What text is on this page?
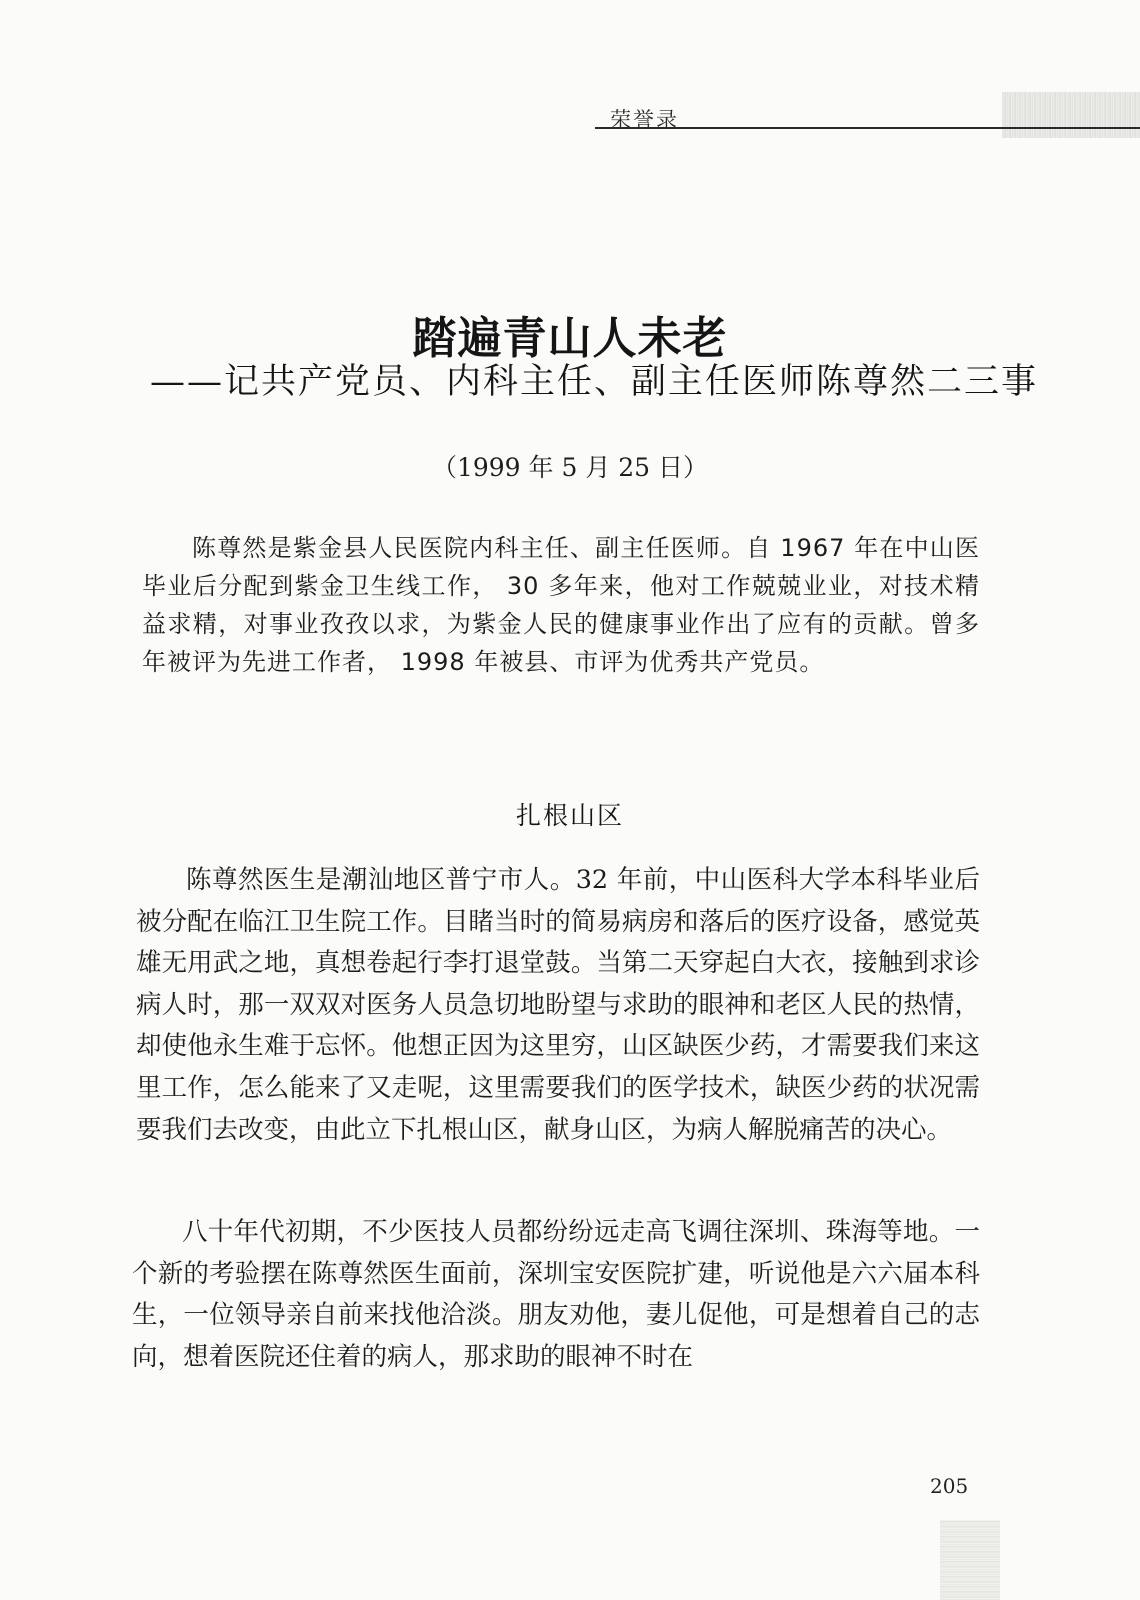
荣誉录
踏遍青山人未老
——记共产党员、内科主任、副主任医师陈尊然二三事
（1999 年 5 月 25 日）

陈尊然是紫金县人民医院内科主任、副主任医师。自 1967 年在中山医毕业后分配到紫金卫生线工作， 30 多年来，他对工作兢兢业业，对技术精益求精，对事业孜孜以求，为紫金人民的健康事业作出了应有的贡献。曾多年被评为先进工作者， 1998 年被县、市评为优秀共产党员。

扎根山区

陈尊然医生是潮汕地区普宁市人。32 年前，中山医科大学本科毕业后被分配在临江卫生院工作。目睹当时的简易病房和落后的医疗设备，感觉英雄无用武之地，真想卷起行李打退堂鼓。当第二天穿起白大衣，接触到求诊病人时，那一双双对医务人员急切地盼望与求助的眼神和老区人民的热情，却使他永生难于忘怀。他想正因为这里穷，山区缺医少药，才需要我们来这里工作，怎么能来了又走呢，这里需要我们的医学技术，缺医少药的状况需要我们去改变，由此立下扎根山区，献身山区，为病人解脱痛苦的决心。

八十年代初期，不少医技人员都纷纷远走高飞调往深圳、珠海等地。一个新的考验摆在陈尊然医生面前，深圳宝安医院扩建，听说他是六六届本科生，一位领导亲自前来找他洽淡。朋友劝他，妻儿促他，可是想着自己的志向，想着医院还住着的病人，那求助的眼神不时在

205
